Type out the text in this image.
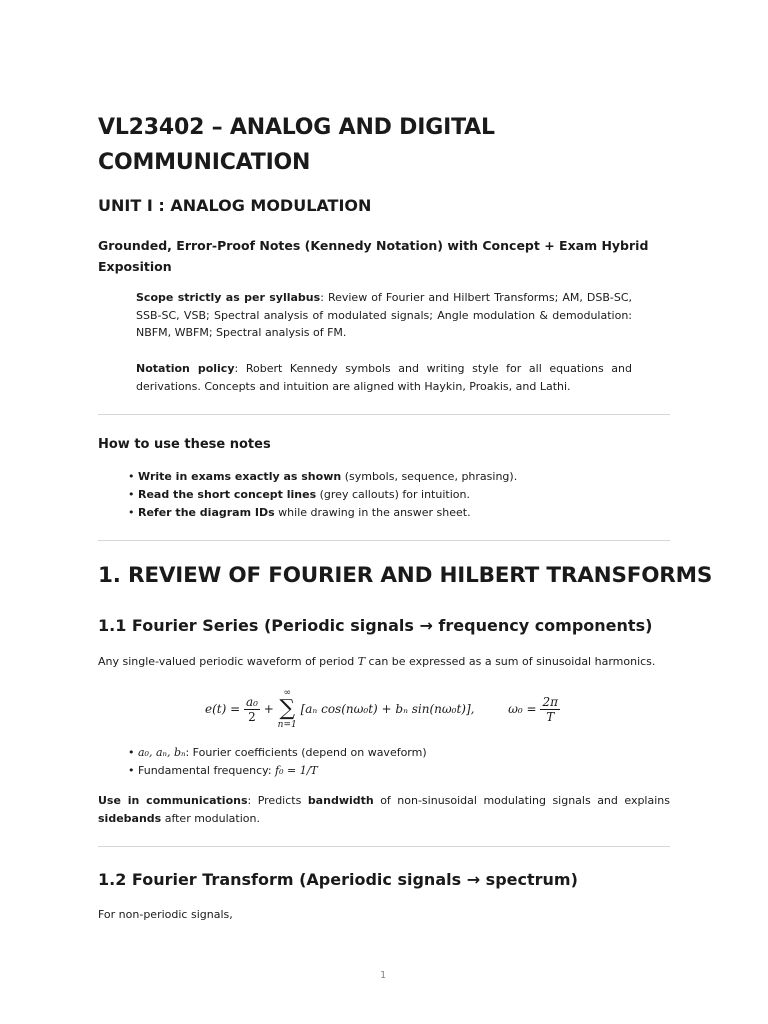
VL23402 – ANALOG AND DIGITAL COMMUNICATION
UNIT I : ANALOG MODULATION
Grounded, Error-Proof Notes (Kennedy Notation) with Concept + Exam Hybrid Exposition
Scope strictly as per syllabus: Review of Fourier and Hilbert Transforms; AM, DSB-SC, SSB-SC, VSB; Spectral analysis of modulated signals; Angle modulation & demodulation: NBFM, WBFM; Spectral analysis of FM.
Notation policy: Robert Kennedy symbols and writing style for all equations and derivations. Concepts and intuition are aligned with Haykin, Proakis, and Lathi.
How to use these notes
• Write in exams exactly as shown (symbols, sequence, phrasing).
• Read the short concept lines (grey callouts) for intuition.
• Refer the diagram IDs while drawing in the answer sheet.
1. REVIEW OF FOURIER AND HILBERT TRANSFORMS
1.1 Fourier Series (Periodic signals → frequency components)
Any single-valued periodic waveform of period T can be expressed as a sum of sinusoidal harmonics.
$e(t) = \frac{\text{a₀}}{2}$ + ∞
∑
n=1 [aₙ cos(nω₀t) + bₙ sin(nω₀t)],	$\omega_0 = \frac{2\pi}{T}$
• a₀, aₙ, bₙ: Fourier coefficients (depend on waveform)
• Fundamental frequency: f₀ = 1/T
Use in communications: Predicts bandwidth of non-sinusoidal modulating signals and explains sidebands after modulation.
1.2 Fourier Transform (Aperiodic signals → spectrum)
For non-periodic signals,
1
